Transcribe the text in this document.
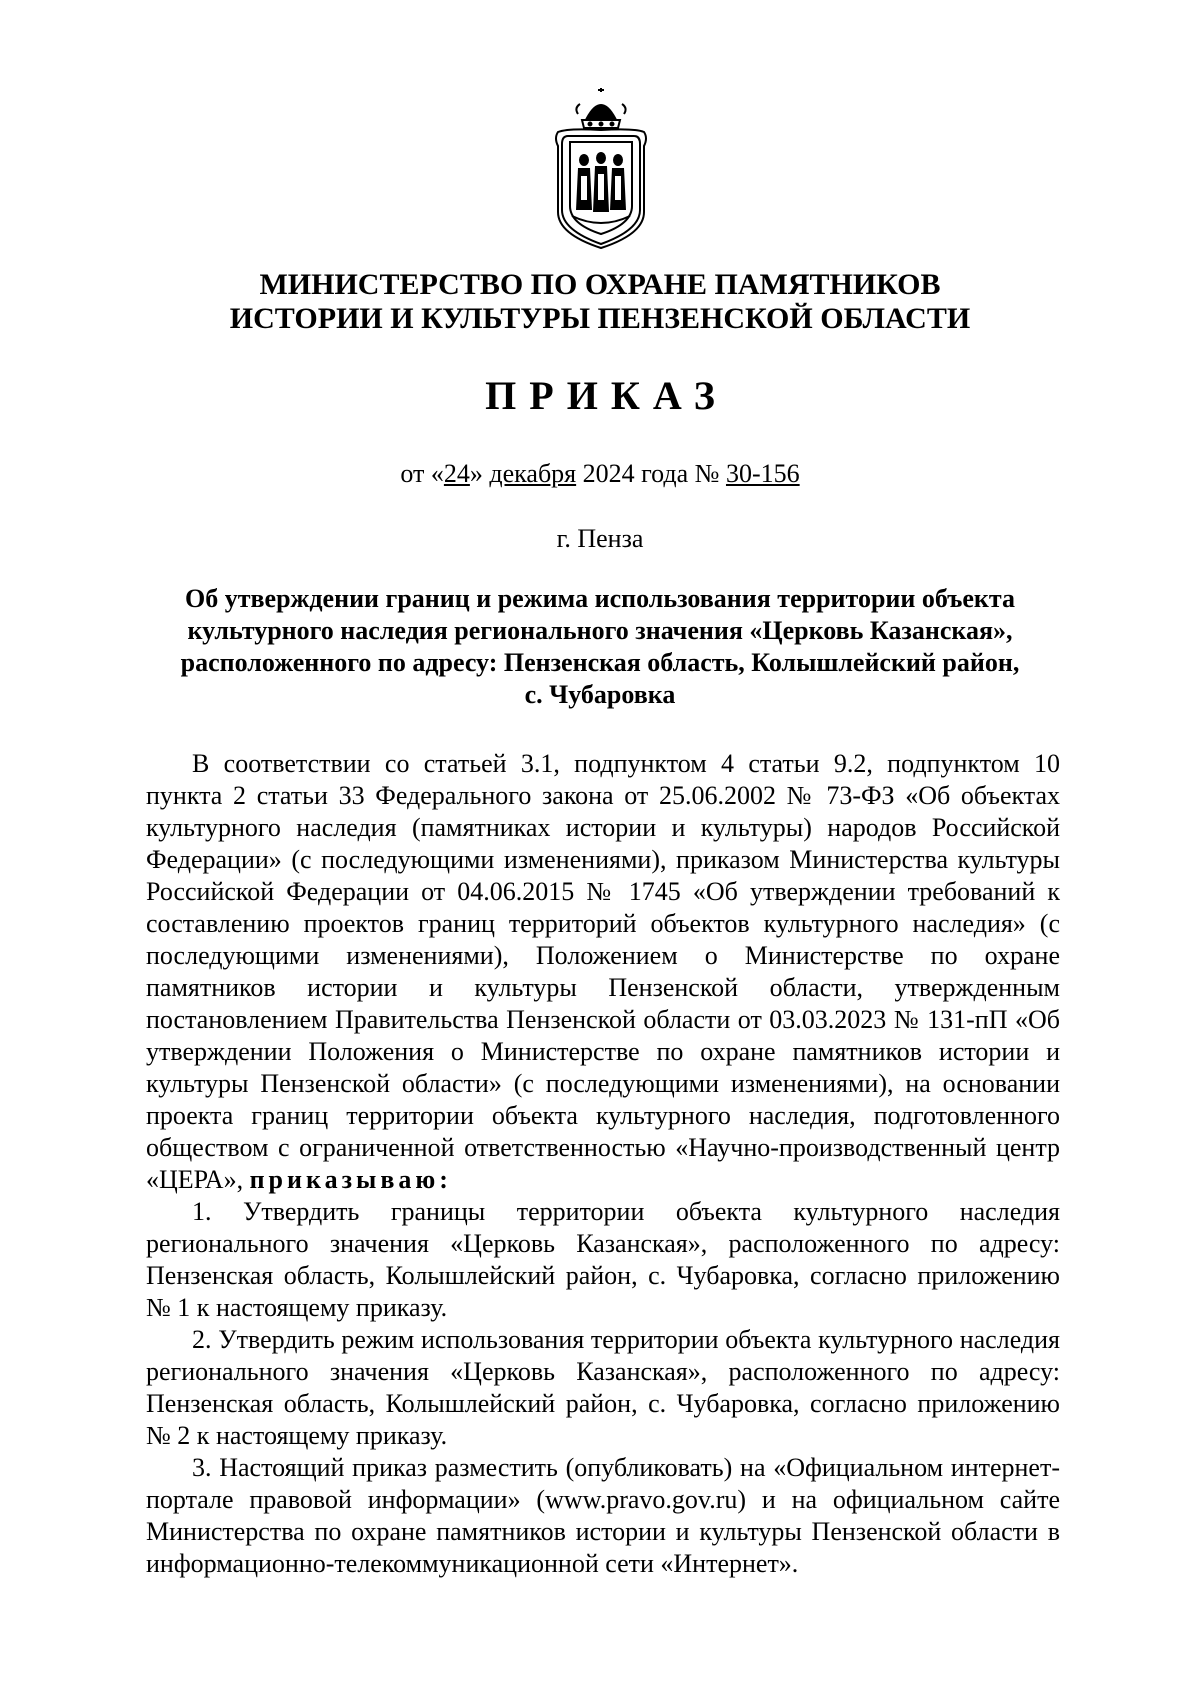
МИНИСТЕРСТВО ПО ОХРАНЕ ПАМЯТНИКОВ
ИСТОРИИ И КУЛЬТУРЫ ПЕНЗЕНСКОЙ ОБЛАСТИ
ПРИКАЗ
от «24» декабря 2024 года № 30-156
г. Пенза
Об утверждении границ и режима использования территории объекта
культурного наследия регионального значения «Церковь Казанская»,
расположенного по адресу: Пензенская область, Колышлейский район,
с. Чубаровка

В соответствии со статьей 3.1, подпунктом 4 статьи 9.2, подпунктом 10 пункта 2 статьи 33 Федерального закона от 25.06.2002 № 73-ФЗ «Об объектах культурного наследия (памятниках истории и культуры) народов Российской Федерации» (с последующими изменениями), приказом Министерства культуры Российской Федерации от 04.06.2015 № 1745 «Об утверждении требований к составлению проектов границ территорий объектов культурного наследия» (с последующими изменениями), Положением о Министерстве по охране памятников истории и культуры Пензенской области, утвержденным постановлением Правительства Пензенской области от 03.03.2023 № 131-пП «Об утверждении Положения о Министерстве по охране памятников истории и культуры Пензенской области» (с последующими изменениями), на основании проекта границ территории объекта культурного наследия, подготовленного обществом с ограниченной ответственностью «Научно-производственный центр «ЦЕРА», приказываю:

1. Утвердить границы территории объекта культурного наследия регионального значения «Церковь Казанская», расположенного по адресу: Пензенская область, Колышлейский район, с. Чубаровка, согласно приложению № 1 к настоящему приказу.

2. Утвердить режим использования территории объекта культурного наследия регионального значения «Церковь Казанская», расположенного по адресу: Пензенская область, Колышлейский район, с. Чубаровка, согласно приложению № 2 к настоящему приказу.

3. Настоящий приказ разместить (опубликовать) на «Официальном интернет-портале правовой информации» (www.pravo.gov.ru) и на официальном сайте Министерства по охране памятников истории и культуры Пензенской области в информационно-телекоммуникационной сети «Интернет».
